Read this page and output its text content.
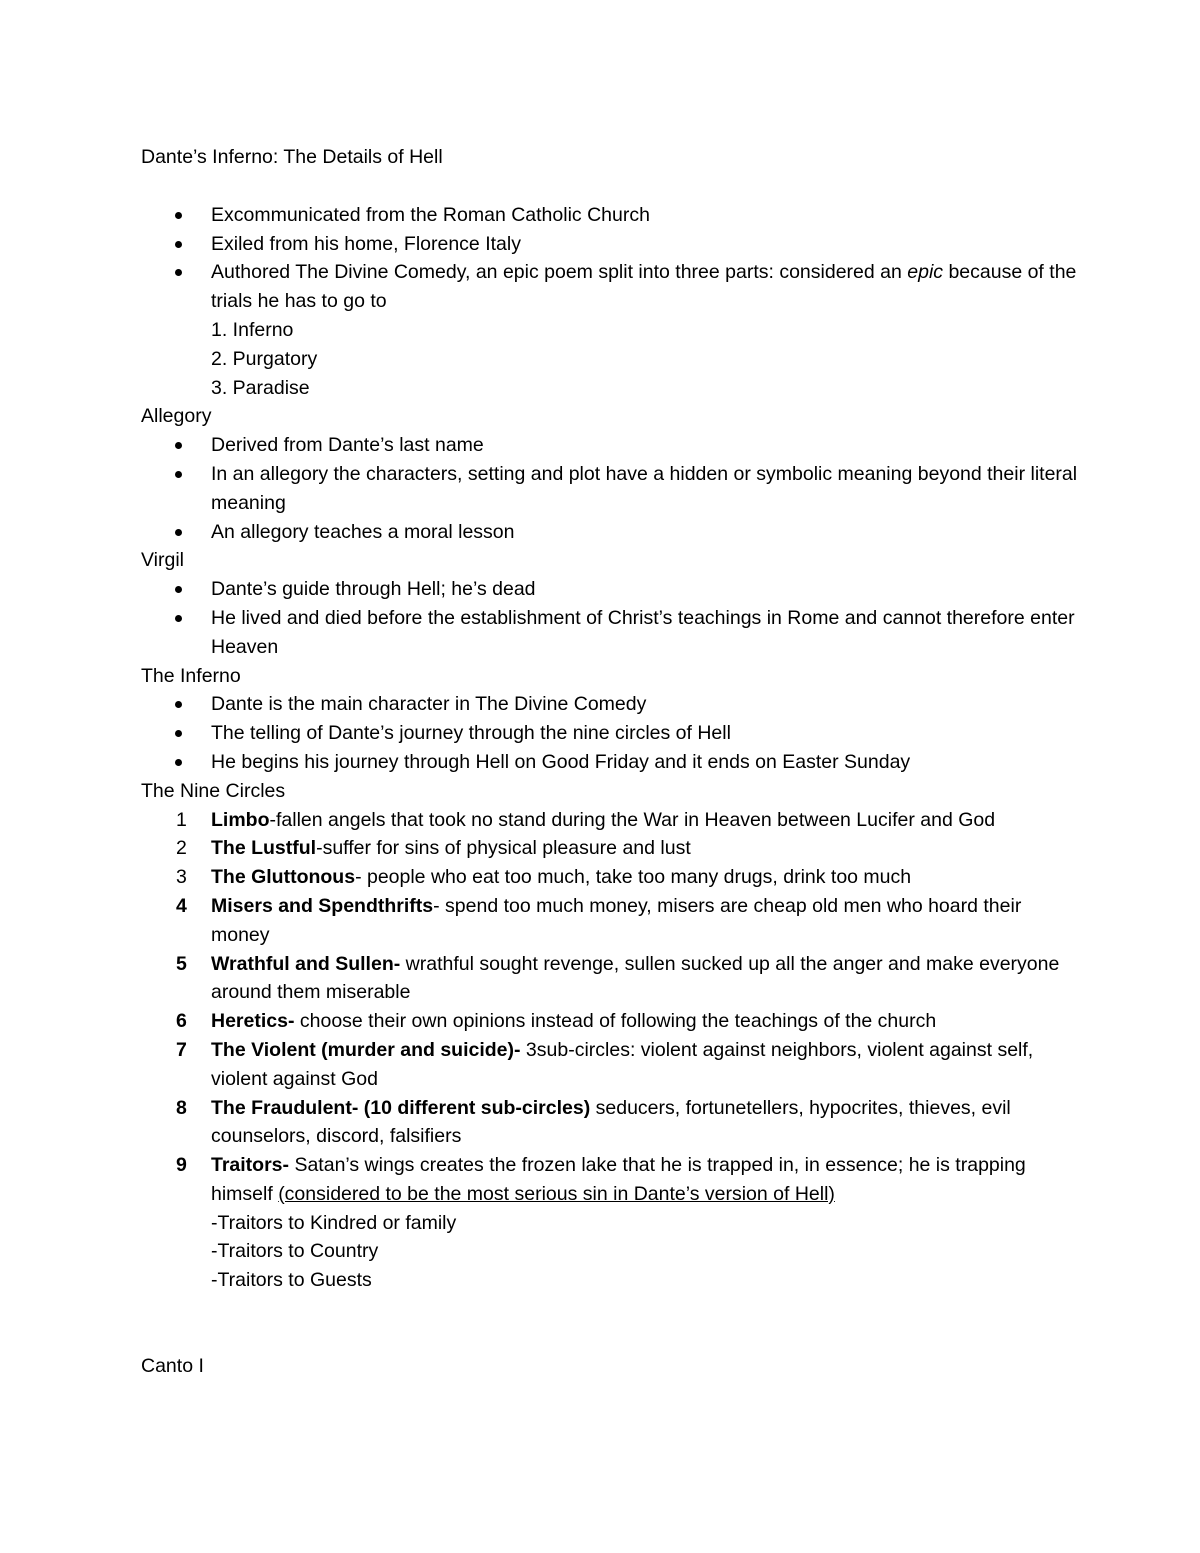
Dante’s Inferno: The Details of Hell

Excommunicated from the Roman Catholic Church
Exiled from his home, Florence Italy
Authored The Divine Comedy, an epic poem split into three parts: considered an epic because of the trials he has to go to
1. Inferno
2. Purgatory
3. Paradise

Allegory

Derived from Dante’s last name
In an allegory the characters, setting and plot have a hidden or symbolic meaning beyond their literal meaning
An allegory teaches a moral lesson

Virgil

Dante’s guide through Hell; he’s dead
He lived and died before the establishment of Christ’s teachings in Rome and cannot therefore enter Heaven

The Inferno

Dante is the main character in The Divine Comedy
The telling of Dante’s journey through the nine circles of Hell
He begins his journey through Hell on Good Friday and it ends on Easter Sunday

The Nine Circles

1 Limbo-fallen angels that took no stand during the War in Heaven between Lucifer and God
2 The Lustful-suffer for sins of physical pleasure and lust
3 The Gluttonous- people who eat too much, take too many drugs, drink too much
4 Misers and Spendthrifts- spend too much money, misers are cheap old men who hoard their money
5 Wrathful and Sullen- wrathful sought revenge, sullen sucked up all the anger and make everyone around them miserable
6 Heretics- choose their own opinions instead of following the teachings of the church
7 The Violent (murder and suicide)- 3sub-circles: violent against neighbors, violent against self, violent against God
8 The Fraudulent- (10 different sub-circles) seducers, fortunetellers, hypocrites, thieves, evil counselors, discord, falsifiers
9 Traitors- Satan’s wings creates the frozen lake that he is trapped in, in essence; he is trapping himself (considered to be the most serious sin in Dante’s version of Hell)
-Traitors to Kindred or family
-Traitors to Country
-Traitors to Guests

Canto I
